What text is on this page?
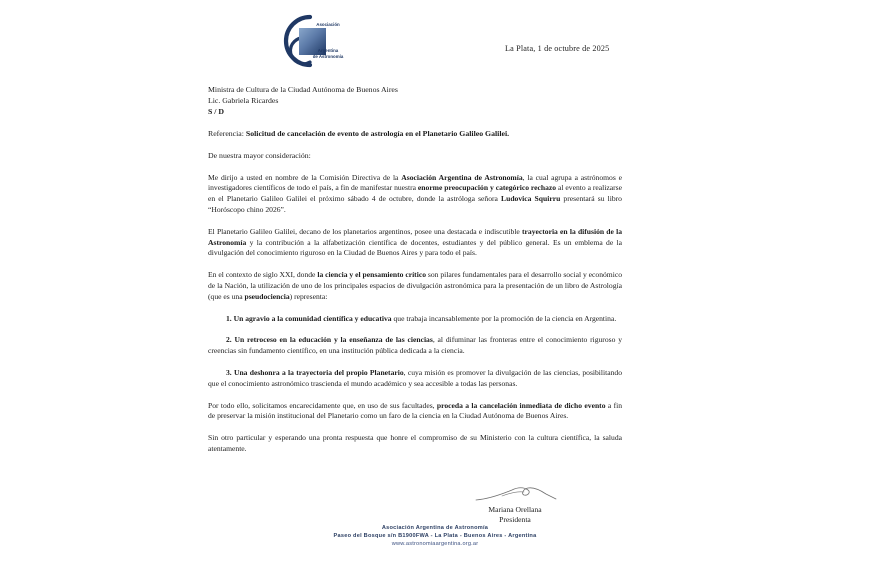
Asociación
Argentina
de Astronomía
La Plata, 1 de octubre de 2025
Ministra de Cultura de la Ciudad Autónoma de Buenos Aires
Lic. Gabriela Ricardes
S / D
Referencia: Solicitud de cancelación de evento de astrología en el Planetario Galileo Galilei.
De nuestra mayor consideración:

Me dirijo a usted en nombre de la Comisión Directiva de la Asociación Argentina de Astronomía, la cual agrupa a astrónomos e investigadores científicos de todo el país, a fin de manifestar nuestra enorme preocupación y categórico rechazo al evento a realizarse en el Planetario Galileo Galilei el próximo sábado 4 de octubre, donde la astróloga señora Ludovica Squirru presentará su libro “Horóscopo chino 2026”.

El Planetario Galileo Galilei, decano de los planetarios argentinos, posee una destacada e indiscutible trayectoria en la difusión de la Astronomía y la contribución a la alfabetización científica de docentes, estudiantes y del público general. Es un emblema de la divulgación del conocimiento riguroso en la Ciudad de Buenos Aires y para todo el país.

En el contexto de siglo XXI, donde la ciencia y el pensamiento crítico son pilares fundamentales para el desarrollo social y económico de la Nación, la utilización de uno de los principales espacios de divulgación astronómica para la presentación de un libro de Astrología (que es una pseudociencia) representa:

1. Un agravio a la comunidad científica y educativa que trabaja incansablemente por la promoción de la ciencia en Argentina.

2. Un retroceso en la educación y la enseñanza de las ciencias, al difuminar las fronteras entre el conocimiento riguroso y creencias sin fundamento científico, en una institución pública dedicada a la ciencia.

3. Una deshonra a la trayectoria del propio Planetario, cuya misión es promover la divulgación de las ciencias, posibilitando que el conocimiento astronómico trascienda el mundo académico y sea accesible a todas las personas.

Por todo ello, solicitamos encarecidamente que, en uso de sus facultades, proceda a la cancelación inmediata de dicho evento a fin de preservar la misión institucional del Planetario como un faro de la ciencia en la Ciudad Autónoma de Buenos Aires.

Sin otro particular y esperando una pronta respuesta que honre el compromiso de su Ministerio con la cultura científica, la saluda atentamente.

Mariana Orellana
Presidenta
Asociación Argentina de Astronomía
Paseo del Bosque s/n B1900FWA - La Plata - Buenos Aires - Argentina
www.astronomiaargentina.org.ar
